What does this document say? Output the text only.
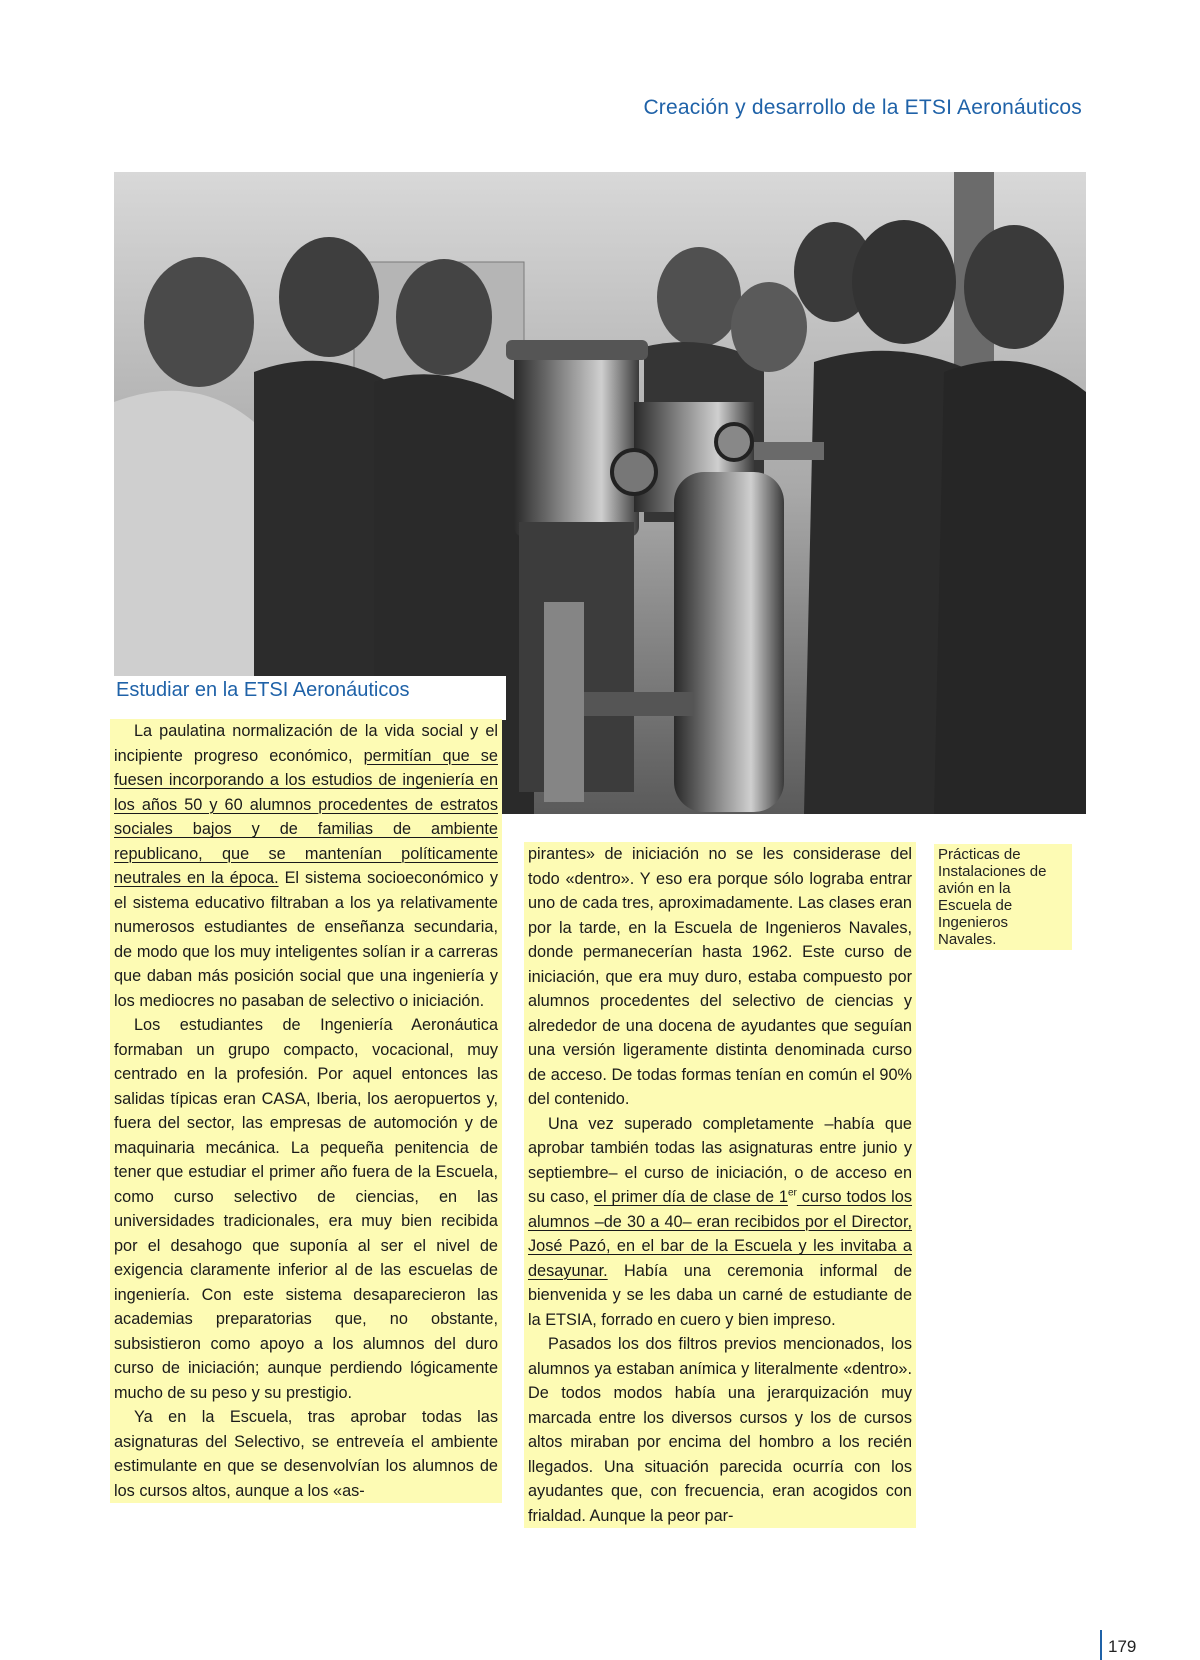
Creación y desarrollo de la ETSI Aeronáuticos
Estudiar en la ETSI Aeronáuticos

La paulatina normalización de la vida social y el incipiente progreso económico, permitían que se fuesen incorporando a los estudios de ingeniería en los años 50 y 60 alumnos procedentes de estratos sociales bajos y de familias de ambiente republicano, que se mantenían políticamente neutrales en la época. El sistema socioeconómico y el sistema educativo filtraban a los ya relativamente numerosos estudiantes de enseñanza secundaria, de modo que los muy inteligentes solían ir a carreras que daban más posición social que una ingeniería y los mediocres no pasaban de selectivo o iniciación.

Los estudiantes de Ingeniería Aeronáutica formaban un grupo compacto, vocacional, muy centrado en la profesión. Por aquel entonces las salidas típicas eran CASA, Iberia, los aeropuertos y, fuera del sector, las empresas de automoción y de maquinaria mecánica. La pequeña penitencia de tener que estudiar el primer año fuera de la Escuela, como curso selectivo de ciencias, en las universidades tradicionales, era muy bien recibida por el desahogo que suponía al ser el nivel de exigencia claramente inferior al de las escuelas de ingeniería. Con este sistema desaparecieron las academias preparatorias que, no obstante, subsistieron como apoyo a los alumnos del duro curso de iniciación; aunque perdiendo lógicamente mucho de su peso y su prestigio.

Ya en la Escuela, tras aprobar todas las asignaturas del Selectivo, se entreveía el ambiente estimulante en que se desenvolvían los alumnos de los cursos altos, aunque a los «as-

pirantes» de iniciación no se les considerase del todo «dentro». Y eso era porque sólo lograba entrar uno de cada tres, aproximadamente. Las clases eran por la tarde, en la Escuela de Ingenieros Navales, donde permanecerían hasta 1962. Este curso de iniciación, que era muy duro, estaba compuesto por alumnos procedentes del selectivo de ciencias y alrededor de una docena de ayudantes que seguían una versión ligeramente distinta denominada curso de acceso. De todas formas tenían en común el 90% del contenido.

Una vez superado completamente –había que aprobar también todas las asignaturas entre junio y septiembre– el curso de iniciación, o de acceso en su caso, el primer día de clase de 1er curso todos los alumnos –de 30 a 40– eran recibidos por el Director, José Pazó, en el bar de la Escuela y les invitaba a desayunar. Había una ceremonia informal de bienvenida y se les daba un carné de estudiante de la ETSIA, forrado en cuero y bien impreso.

Pasados los dos filtros previos mencionados, los alumnos ya estaban anímica y literalmente «dentro». De todos modos había una jerarquización muy marcada entre los diversos cursos y los de cursos altos miraban por encima del hombro a los recién llegados. Una situación parecida ocurría con los ayudantes que, con frecuencia, eran acogidos con frialdad. Aunque la peor par-

Prácticas de Instalaciones de avión en la Escuela de Ingenieros Navales.
179
